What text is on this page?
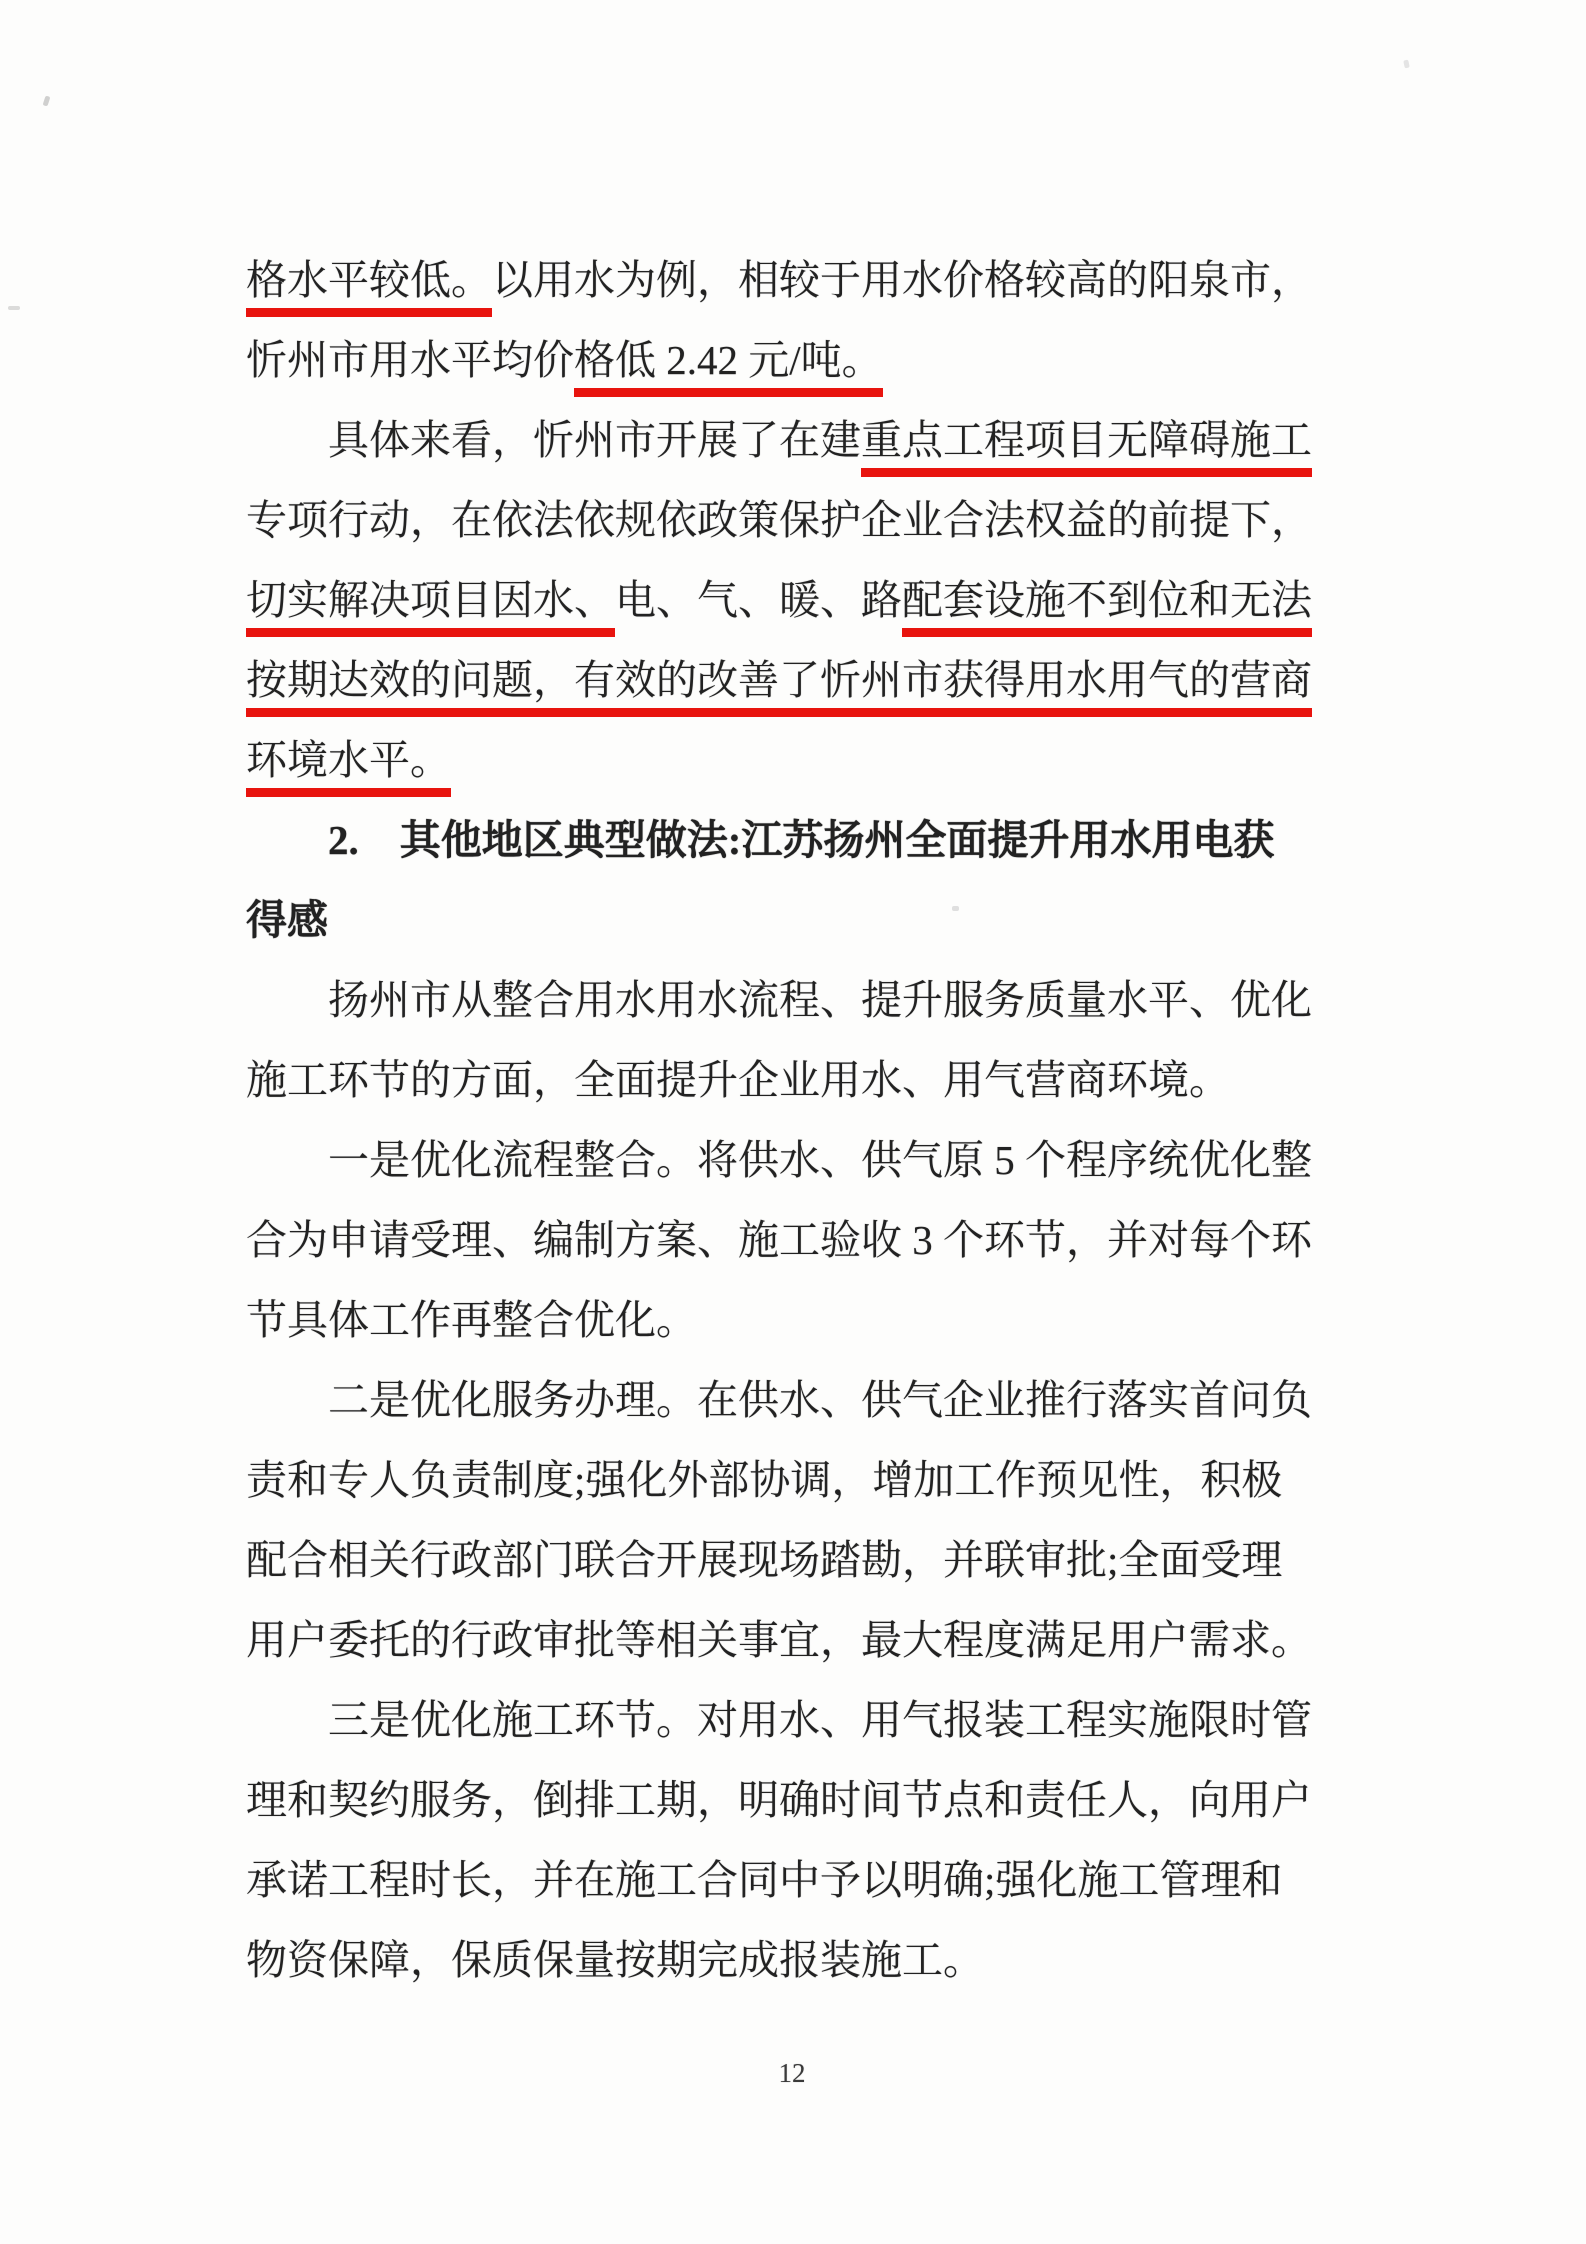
格水平较低。以用水为例，相较于用水价格较高的阳泉市，
忻州市用水平均价格低 2.42 元/吨。
具体来看，忻州市开展了在建重点工程项目无障碍施工
专项行动，在依法依规依政策保护企业合法权益的前提下，
切实解决项目因水、电、气、暖、路配套设施不到位和无法
按期达效的问题，有效的改善了忻州市获得用水用气的营商
环境水平。
2.　其他地区典型做法:江苏扬州全面提升用水用电获
得感
扬州市从整合用水用水流程、提升服务质量水平、优化
施工环节的方面，全面提升企业用水、用气营商环境。
一是优化流程整合。将供水、供气原 5 个程序统优化整
合为申请受理、编制方案、施工验收 3 个环节，并对每个环
节具体工作再整合优化。
二是优化服务办理。在供水、供气企业推行落实首问负
责和专人负责制度;强化外部协调，增加工作预见性，积极
配合相关行政部门联合开展现场踏勘，并联审批;全面受理
用户委托的行政审批等相关事宜，最大程度满足用户需求。
三是优化施工环节。对用水、用气报装工程实施限时管
理和契约服务，倒排工期，明确时间节点和责任人，向用户
承诺工程时长，并在施工合同中予以明确;强化施工管理和
物资保障，保质保量按期完成报装施工。
12
